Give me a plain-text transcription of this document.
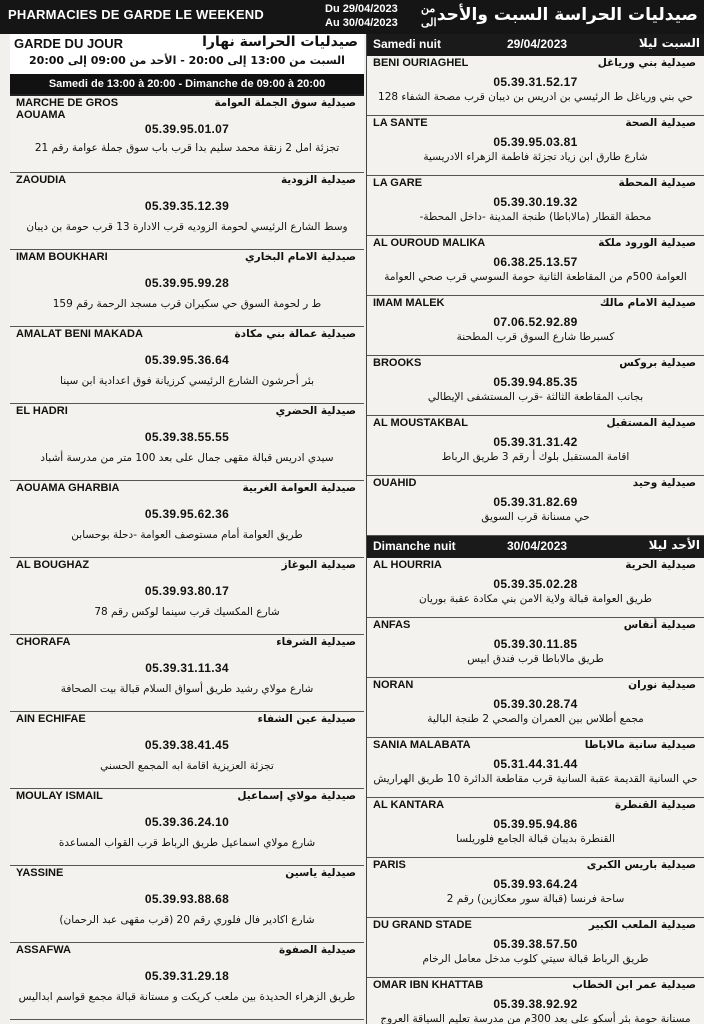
PHARMACIES DE GARDE LE WEEKEND	Du 29/04/2023 من
Au 30/04/2023 الى صيدليات الحراسة السبت والأحد
GARDE DU JOUR	صيدليات الحراسة نهارا
السبت من 13:00 إلى 20:00 - الأحد من 09:00 إلى 20:00
Samedi de 13:00 à 20:00 - Dimanche de 09:00 à 20:00
MARCHE DE GROS
AOUAMA
صيدلية سوق الجملة العوامة
05.39.95.01.07
تجزئة امل 2 زنقة محمد سليم بدا قرب باب سوق جملة عوامة رقم 21
ZAOUDIA	صيدلية الزودية
05.39.35.12.39
وسط الشارع الرئيسي لحومة الزوديه قرب الادارة 13 قرب حومة بن ديبان
IMAM BOUKHARI	صيدلية الامام البخاري
05.39.95.99.28
ط ر لحومة السوق حي سكيران قرب مسجد الرحمة رقم 159
AMALAT BENI MAKADA	صيدلية عمالة بني مكادة
05.39.95.36.64
بئر أحرشون الشارع الرئيسي كرزيانة فوق اعدادية ابن سينا
EL HADRI	صيدلية الحضري
05.39.38.55.55
سيدي ادريس قبالة مقهى جمال على بعد 100 متر من مدرسة أشباد
AOUAMA GHARBIA	صيدلية العوامة الغربية
05.39.95.62.36
طريق العوامة أمام مستوصف العوامة -دحلة بوحسابن
AL BOUGHAZ	صيدلية البوغاز
05.39.93.80.17
شارع المكسيك قرب سينما لوكس رقم 78
CHORAFA	صيدلية الشرفاء
05.39.31.11.34
شارع مولاي رشيد طريق أسواق السلام قبالة بيت الصحافة
AIN ECHIFAE	صيدلية عين الشفاء
05.39.38.41.45
تجزئة العزيزية اقامة ابه المجمع الحسني
MOULAY ISMAIL	صيدلية مولاي إسماعيل
05.39.36.24.10
شارع مولاي اسماعيل طريق الرباط قرب القواب المساعدة
YASSINE	صيدلية ياسين
05.39.93.88.68
شارع اكادير فال فلوري رقم 20 (قرب مقهى عبد الرحمان)
ASSAFWA	صيدلية الصفوة
05.39.31.29.18
طريق الزهراء الحديدة بين ملعب كريكت و مستانة قبالة مجمع قواسم ابداليس
Samedi nuit	29/04/2023	السبت ليلا
BENI OURIAGHEL	صيدلية بني ورياغل
05.39.31.52.17
حي بني ورياغل ط الرئيسي بن ادريس بن ديبان قرب مصحة الشفاء 128
LA SANTE	صيدلية الصحة
05.39.95.03.81
شارع طارق ابن زياد تجزئة فاطمة الزهراء الادريسية
LA GARE	صيدلية المحطة
05.39.30.19.32
محطة القطار (مالاباطا) طنجة المدينة -داخل المحطة-
AL OUROUD MALIKA	صيدلية الورود ملكة
06.38.25.13.57
العوامة 500م من المقاطعة الثانية حومة السوسي قرب صحي العوامة
IMAM MALEK	صيدلية الامام مالك
07.06.52.92.89
كسبرطا شارع السوق قرب المطحنة
BROOKS	صيدلية بروكس
05.39.94.85.35
بجانب المقاطعة الثالثة -قرب المستشفى الإيطالي
AL MOUSTAKBAL	صيدلية المستقبل
05.39.31.31.42
اقامة المستقبل بلوك أ رقم 3 طريق الرباط
OUAHID	صيدلية وحيد
05.39.31.82.69
حي مسنانة قرب السويق
Dimanche nuit	30/04/2023	الأحد ليلا
AL HOURRIA	صيدلية الحرية
05.39.35.02.28
طريق العوامة قبالة ولاية الامن بني مكادة عقبة بوريان
ANFAS	صيدلية أنفاس
05.39.30.11.85
طريق مالاباطا قرب فندق ابيس
NORAN	صيدلية نوران
05.39.30.28.74
مجمع أطلاس بين العمران والصحي 2 طنجة البالية
SANIA MALABATA	صيدلية سانية مالاباطا
05.31.44.31.44
حي السانية القديمة عقبة السانية قرب مقاطعة الدائرة 10 طريق الهراريش
AL KANTARA	صيدلية القنطرة
05.39.95.94.86
القنطرة بديبان قبالة الجامع فلوريلسا
PARIS	صيدلية باريس الكبرى
05.39.93.64.24
ساحة فرنسا (قبالة سور معكازين) رقم 2
DU GRAND STADE	صيدلية الملعب الكبير
05.39.38.57.50
طريق الرباط قبالة سيتي كلوب مدخل معامل الرخام
OMAR IBN KHATTAB	صيدلية عمر ابن الخطاب
05.39.38.92.92
مسنانة حومة بئر أسكو على بعد 300م من مدرسة تعليم السياقة العروج
